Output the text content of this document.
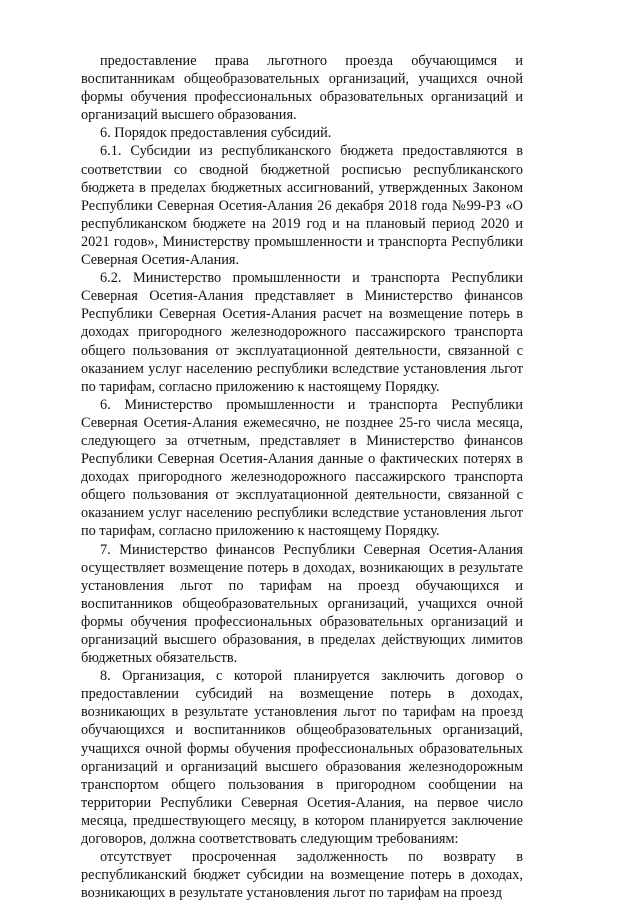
предоставление права льготного проезда обучающимся и воспитанникам общеобразовательных организаций, учащихся очной формы обучения профессиональных образовательных организаций и организаций высшего образования.

6. Порядок предоставления субсидий.

6.1. Субсидии из республиканского бюджета предоставляются в соответствии со сводной бюджетной росписью республиканского бюджета в пределах бюджетных ассигнований, утвержденных Законом Республики Северная Осетия-Алания 26 декабря 2018 года №99-РЗ «О республиканском бюджете на 2019 год и на плановый период 2020 и 2021 годов», Министерству промышленности и транспорта Республики Северная Осетия-Алания.

6.2. Министерство промышленности и транспорта Республики Северная Осетия-Алания представляет в Министерство финансов Республики Северная Осетия-Алания расчет на возмещение потерь в доходах пригородного железнодорожного пассажирского транспорта общего пользования от эксплуатационной деятельности, связанной с оказанием услуг населению республики вследствие установления льгот по тарифам, согласно приложению к настоящему Порядку.

6. Министерство промышленности и транспорта Республики Северная Осетия-Алания ежемесячно, не позднее 25-го числа месяца, следующего за отчетным, представляет в Министерство финансов Республики Северная Осетия-Алания данные о фактических потерях в доходах пригородного железнодорожного пассажирского транспорта общего пользования от эксплуатационной деятельности, связанной с оказанием услуг населению республики вследствие установления льгот по тарифам, согласно приложению к настоящему Порядку.

7. Министерство финансов Республики Северная Осетия-Алания осуществляет возмещение потерь в доходах, возникающих в результате установления льгот по тарифам на проезд обучающихся и воспитанников общеобразовательных организаций, учащихся очной формы обучения профессиональных образовательных организаций и организаций высшего образования, в пределах действующих лимитов бюджетных обязательств.

8. Организация, с которой планируется заключить договор о предоставлении субсидий на возмещение потерь в доходах, возникающих в результате установления льгот по тарифам на проезд обучающихся и воспитанников общеобразовательных организаций, учащихся очной формы обучения профессиональных образовательных организаций и организаций высшего образования железнодорожным транспортом общего пользования в пригородном сообщении на территории Республики Северная Осетия-Алания, на первое число месяца, предшествующего месяцу, в котором планируется заключение договоров, должна соответствовать следующим требованиям:

отсутствует просроченная задолженность по возврату в республиканский бюджет субсидии на возмещение потерь в доходах, возникающих в результате установления льгот по тарифам на проезд
